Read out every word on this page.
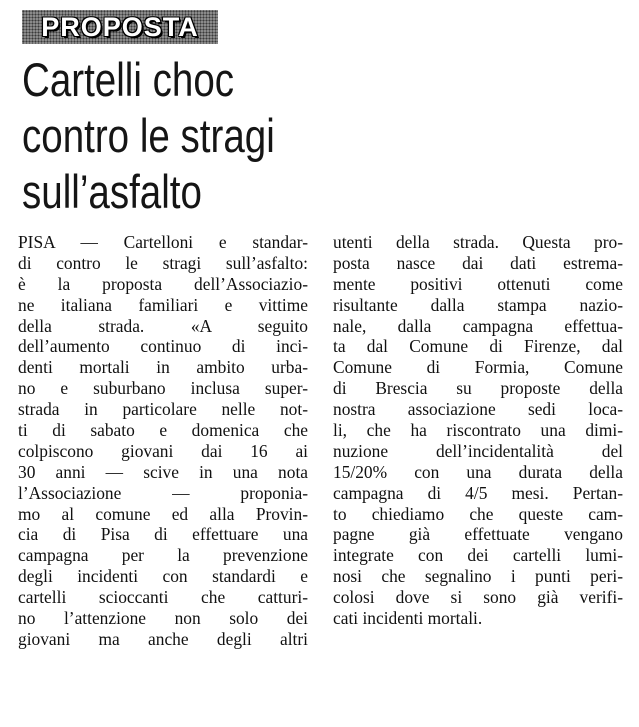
PROPOSTA
Cartelli choc
contro le stragi
sull’asfalto
PISA — Cartelloni e standar-
di contro le stragi sull’asfalto:
è la proposta dell’Associazio-
ne italiana familiari e vittime
della strada. «A seguito
dell’aumento continuo di inci-
denti mortali in ambito urba-
no e suburbano inclusa super-
strada in particolare nelle not-
ti di sabato e domenica che
colpiscono giovani dai 16 ai
30 anni — scive in una nota
l’Associazione — proponia-
mo al comune ed alla Provin-
cia di Pisa di effettuare una
campagna per la prevenzione
degli incidenti con standardi e
cartelli scioccanti che catturi-
no l’attenzione non solo dei
giovani ma anche degli altri
utenti della strada. Questa pro-
posta nasce dai dati estrema-
mente positivi ottenuti come
risultante dalla stampa nazio-
nale, dalla campagna effettua-
ta dal Comune di Firenze, dal
Comune di Formia, Comune
di Brescia su proposte della
nostra associazione sedi loca-
li, che ha riscontrato una dimi-
nuzione dell’incidentalità del
15/20% con una durata della
campagna di 4/5 mesi. Pertan-
to chiediamo che queste cam-
pagne già effettuate vengano
integrate con dei cartelli lumi-
nosi che segnalino i punti peri-
colosi dove si sono già verifi-
cati incidenti mortali.
